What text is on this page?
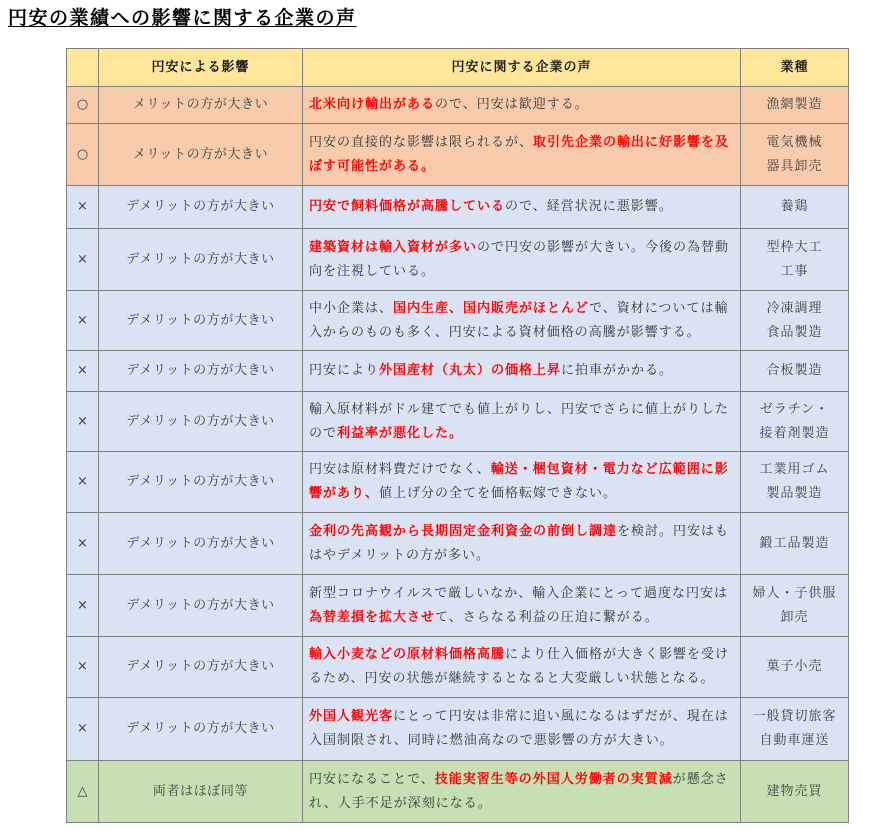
円安の業績への影響に関する企業の声
	円安による影響	円安に関する企業の声	業種
○	メリットの方が大きい	北米向け輸出があるので、円安は歓迎する。	漁網製造

○	メリットの方が大きい	円安の直接的な影響は限られるが、取引先企業の輸出に好影響を及ぼす可能性がある。	電気機械
器具卸売

×	デメリットの方が大きい	円安で飼料価格が高騰しているので、経営状況に悪影響。	養鶏

×	デメリットの方が大きい	建築資材は輸入資材が多いので円安の影響が大きい。今後の為替動向を注視している。	型枠大工
工事

×	デメリットの方が大きい	中小企業は、国内生産、国内販売がほとんどで、資材については輸入からのものも多く、円安による資材価格の高騰が影響する。	冷凍調理
食品製造

×	デメリットの方が大きい	円安により外国産材（丸太）の価格上昇に拍車がかかる。	合板製造

×	デメリットの方が大きい	輸入原材料がドル建てでも値上がりし、円安でさらに値上がりしたので利益率が悪化した。	ゼラチン・
接着剤製造

×	デメリットの方が大きい	円安は原材料費だけでなく、輸送・梱包資材・電力など広範囲に影響があり、値上げ分の全てを価格転嫁できない。	工業用ゴム
製品製造

×	デメリットの方が大きい	金利の先高観から長期固定金利資金の前倒し調達を検討。円安はもはやデメリットの方が多い。	鍛工品製造

×	デメリットの方が大きい	新型コロナウイルスで厳しいなか、輸入企業にとって過度な円安は為替差損を拡大させて、さらなる利益の圧迫に繋がる。	婦人・子供服
卸売

×	デメリットの方が大きい	輸入小麦などの原材料価格高騰により仕入価格が大きく影響を受けるため、円安の状態が継続するとなると大変厳しい状態となる。	菓子小売

×	デメリットの方が大きい	外国人観光客にとって円安は非常に追い風になるはずだが、現在は入国制限され、同時に燃油高なので悪影響の方が大きい。	一般貸切旅客
自動車運送

△	両者はほぼ同等	円安になることで、技能実習生等の外国人労働者の実質減が懸念され、人手不足が深刻になる。	建物売買
